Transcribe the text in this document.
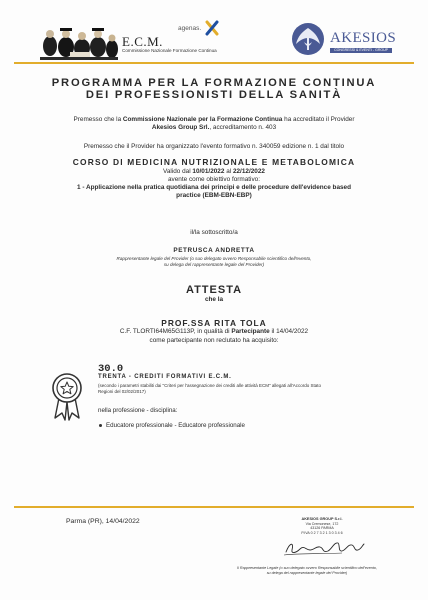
E.C.M.
Commissione Nazionale Formazione Continua
agenas.
AKESIOS
CONGRESSI & EVENTI - GROUP
PROGRAMMA PER LA FORMAZIONE CONTINUA
DEI PROFESSIONISTI DELLA SANITÀ
Premesso che la Commissione Nazionale per la Formazione Continua ha accreditato il Provider
Akesios Group Srl., accreditamento n. 403
Premesso che il Provider ha organizzato l'evento formativo n. 340059 edizione n. 1 dal titolo
CORSO DI MEDICINA NUTRIZIONALE E METABOLOMICA
Valido dal 10/01/2022 al 22/12/2022
avente come obiettivo formativo:
1 - Applicazione nella pratica quotidiana dei principi e delle procedure dell'evidence based
practice (EBM-EBN-EBP)
il/la sottoscritto/a
PETRUSCA ANDRETTA
Rappresentante legale del Provider (o suo delegato ovvero Responsabile scientifico dell'evento,
su delega del rappresentante legale del Provider)
ATTESTA
che la
PROF.SSA RITA TOLA
C.F. TLORTI64M65G113P, in qualità di Partecipante il 14/04/2022
come partecipante non reclutato ha acquisito:
30.0
TRENTA - CREDITI FORMATIVI E.C.M.
(secondo i parametri stabiliti dai "Criteri per l'assegnazione dei crediti alle attività ECM" allegati all'Accordo Stato
Regioni del 02/02/2017)
nella professione - disciplina:
Educatore professionale - Educatore professionale
Parma (PR), 14/04/2022	AKESIOS GROUP S.r.l.
Via Cremonese, 172
43126 PARMA
P.IVA 0 2 7 3 2 1 3 0 3 4 6
Il Rappresentante Legale (o suo delegato ovvero Responsabile scientifico dell'evento,
su delega del rappresentante legale del Provider)
